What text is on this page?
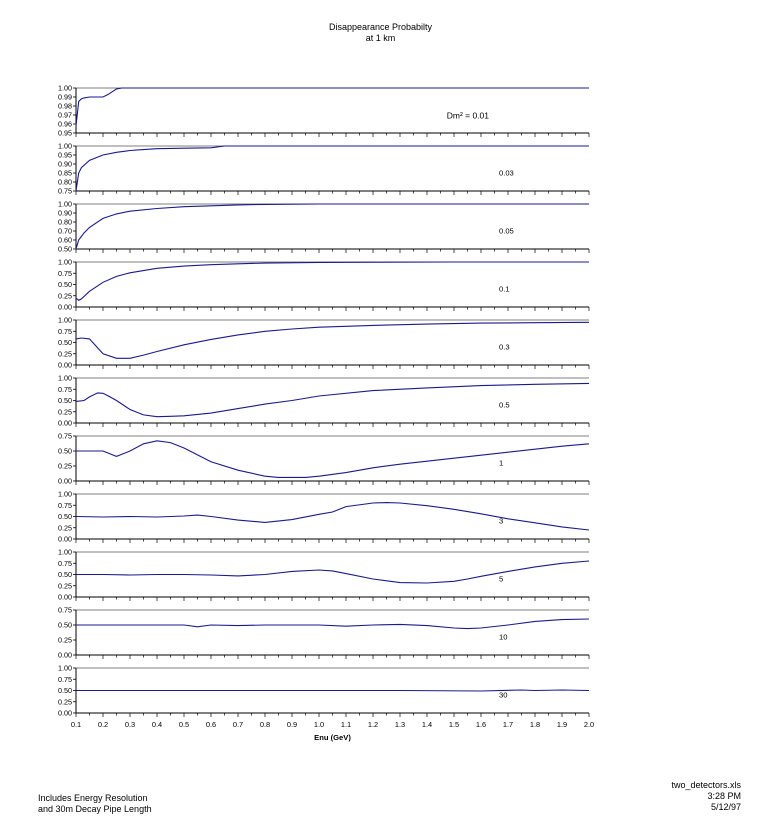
Disappearance Probabilty
at 1 km
1.00
0.99
0.98
0.97
0.96
0.95
Dm² = 0.01
1.00
0.95
0.90
0.85
0.80
0.75
0.03
1.00
0.90
0.80
0.70
0.60
0.50
0.05
1.00
0.75
0.50
0.25
0.00
0.1
1.00
0.75
0.50
0.25
0.00
0.3
1.00
0.75
0.50
0.25
0.00
0.5
0.75
0.50
0.25
0.00
1
1.00
0.75
0.50
0.25
0.00
3
1.00
0.75
0.50
0.25
0.00
5
0.75
0.50
0.25
0.00
10
1.00
0.75
0.50
0.25
0.00
30
0.1 0.2 0.3 0.4 0.5 0.6 0.7 0.8 0.9 1.0 1.1 1.2 1.3 1.4 1.5 1.6 1.7 1.8 1.9 2.0
Enu (GeV)
Includes Energy Resolution
and 30m Decay Pipe Length
two_detectors.xls
3:28 PM
5/12/97
